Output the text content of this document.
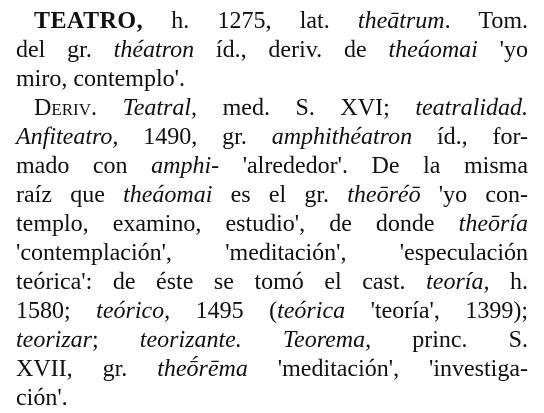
TEATRO, h. 1275, lat. theātrum. Tom.
del gr. théatron íd., deriv. de theáomai 'yo
miro, contemplo'.
Deriv. Teatral, med. S. XVI; teatralidad.
Anfiteatro, 1490, gr. amphithéatron íd., for-
mado con amphi- 'alrededor'. De la misma
raíz que theáomai es el gr. theōréō 'yo con-
templo, examino, estudio', de donde theōría
'contemplación', 'meditación', 'especulación
teórica': de éste se tomó el cast. teoría, h.
1580; teórico, 1495 (teórica 'teoría', 1399);
teorizar; teorizante. Teorema, princ. S.
XVII, gr. theṓrēma 'meditación', 'investiga-
ción'.
